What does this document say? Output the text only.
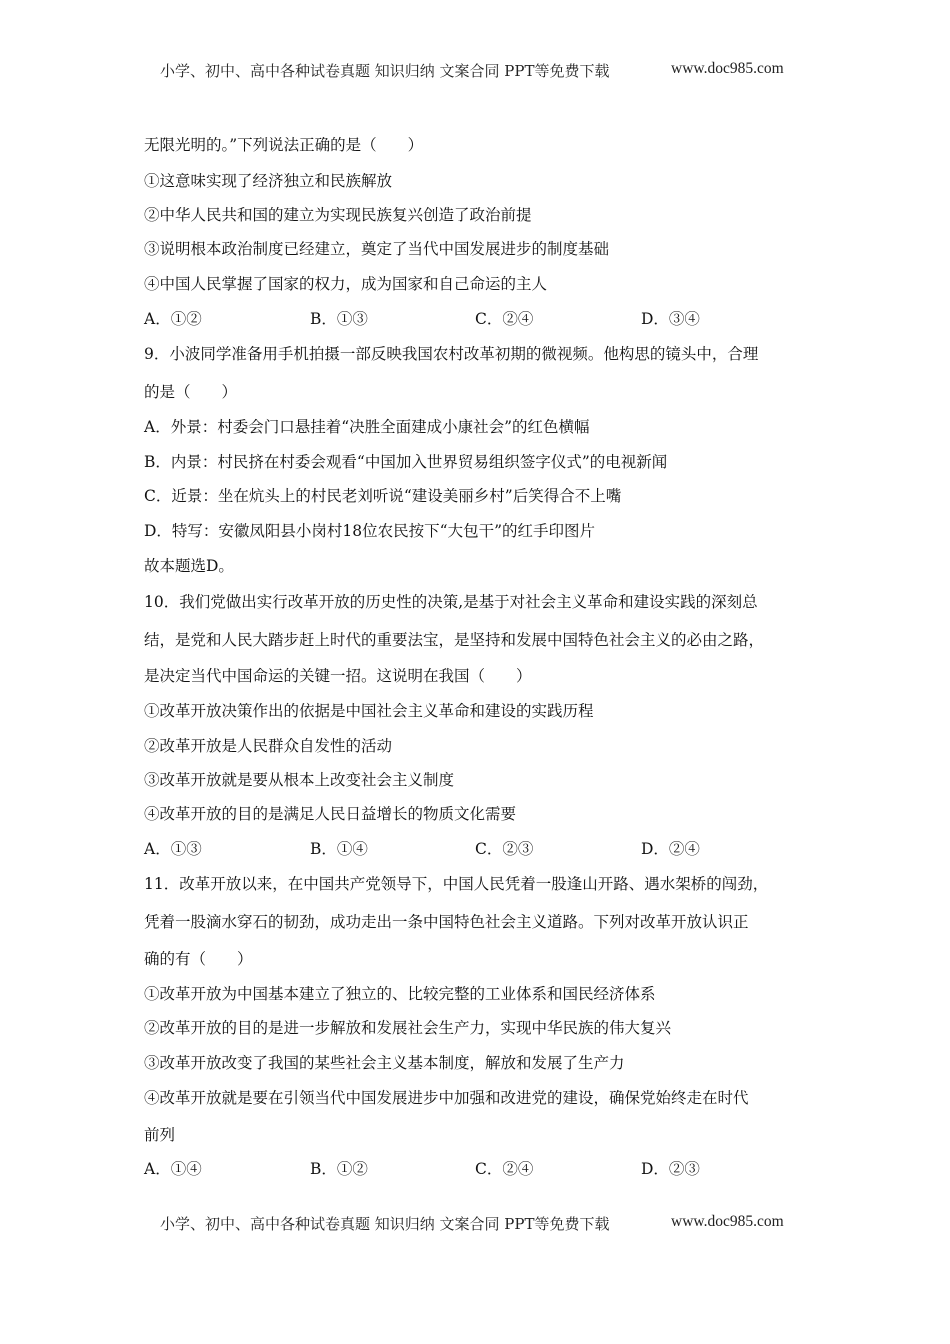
小学、初中、高中各种试卷真题 知识归纳 文案合同 PPT等免费下载	www.doc985.com
无限光明的。”下列说法正确的是（　　）
①这意味实现了经济独立和民族解放
②中华人民共和国的建立为实现民族复兴创造了政治前提
③说明根本政治制度已经建立，奠定了当代中国发展进步的制度基础
④中国人民掌握了国家的权力，成为国家和自己命运的主人
A．①②	B．①③	C．②④	D．③④
9．小波同学准备用手机拍摄一部反映我国农村改革初期的微视频。他构思的镜头中，合理
的是（　　）
A．外景：村委会门口悬挂着“决胜全面建成小康社会”的红色横幅
B．内景：村民挤在村委会观看“中国加入世界贸易组织签字仪式”的电视新闻
C．近景：坐在炕头上的村民老刘听说“建设美丽乡村”后笑得合不上嘴
D．特写：安徽凤阳县小岗村18位农民按下“大包干”的红手印图片
故本题选D。
10．我们党做出实行改革开放的历史性的决策,是基于对社会主义革命和建设实践的深刻总
结，是党和人民大踏步赶上时代的重要法宝，是坚持和发展中国特色社会主义的必由之路，
是决定当代中国命运的关键一招。这说明在我国（　　）
①改革开放决策作出的依据是中国社会主义革命和建设的实践历程
②改革开放是人民群众自发性的活动
③改革开放就是要从根本上改变社会主义制度
④改革开放的目的是满足人民日益增长的物质文化需要
A．①③	B．①④	C．②③	D．②④
11．改革开放以来，在中国共产党领导下，中国人民凭着一股逢山开路、遇水架桥的闯劲，
凭着一股滴水穿石的韧劲，成功走出一条中国特色社会主义道路。下列对改革开放认识正
确的有（　　）
①改革开放为中国基本建立了独立的、比较完整的工业体系和国民经济体系
②改革开放的目的是进一步解放和发展社会生产力，实现中华民族的伟大复兴
③改革开放改变了我国的某些社会主义基本制度，解放和发展了生产力
④改革开放就是要在引领当代中国发展进步中加强和改进党的建设，确保党始终走在时代
前列
A．①④	B．①②	C．②④	D．②③
小学、初中、高中各种试卷真题 知识归纳 文案合同 PPT等免费下载	www.doc985.com
